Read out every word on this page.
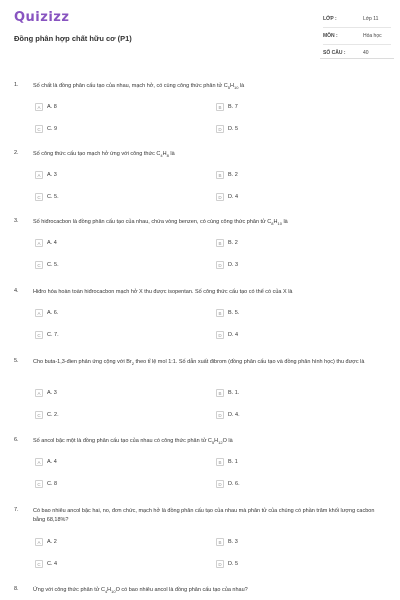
Quizizz
Đồng phân hợp chất hữu cơ (P1)
LỚP :	Lớp 11
MÔN :	Hóa học
SỐ CÂU :	40
1.	Số chất là đồng phân cấu tạo của nhau, mạch hở, có cùng công thức phân tử $C_5H_{10}$ là
A	A. 8	B	B. 7
C	C. 9	D	D. 5
2.	Số công thức cấu tạo mạch hở ứng với công thức $C_4H_8$ là
A	A. 3	B	B. 2
C	C. 5.	D	D. 4
3.	Số hiđrocacbon là đồng phân cấu tạo của nhau, chứa vòng benzen, có cùng công thức phân tử $C_8H_{10}$ là
A	A. 4	B	B. 2
C	C. 5.	D	D. 3
4.	Hiđro hóa hoàn toàn hiđrocacbon mạch hở X thu được isopentan. Số công thức cấu tạo có thể có của X là
A	A. 6.	B	B. 5.
C	C. 7.	D	D. 4
5.	Cho buta-1,3-đien phản ứng cộng với $Br_2$ theo tỉ lệ mol 1:1. Số dẫn xuất đibrom (đồng phân cấu tạo và đồng phân hình học) thu được là
A	A. 3	B	B. 1.
C	C. 2.	D	D. 4.
6.	Số ancol bậc một là đồng phân cấu tạo của nhau có công thức phân tử $C_5H_{12}O$ là
A	A. 4	B	B. 1
C	C. 8	D	D. 6.
7.	Có bao nhiêu ancol bậc hai, no, đơn chức, mạch hở là đồng phân cấu tạo của nhau mà phân tử của chúng có phần trăm khối lượng cacbon bằng 68,18%?
A	A. 2	B	B. 3
C	C. 4	D	D. 5
8.	Ứng với công thức phân tử $C_4H_{10}O$ có bao nhiêu ancol là đồng phân cấu tạo của nhau?
